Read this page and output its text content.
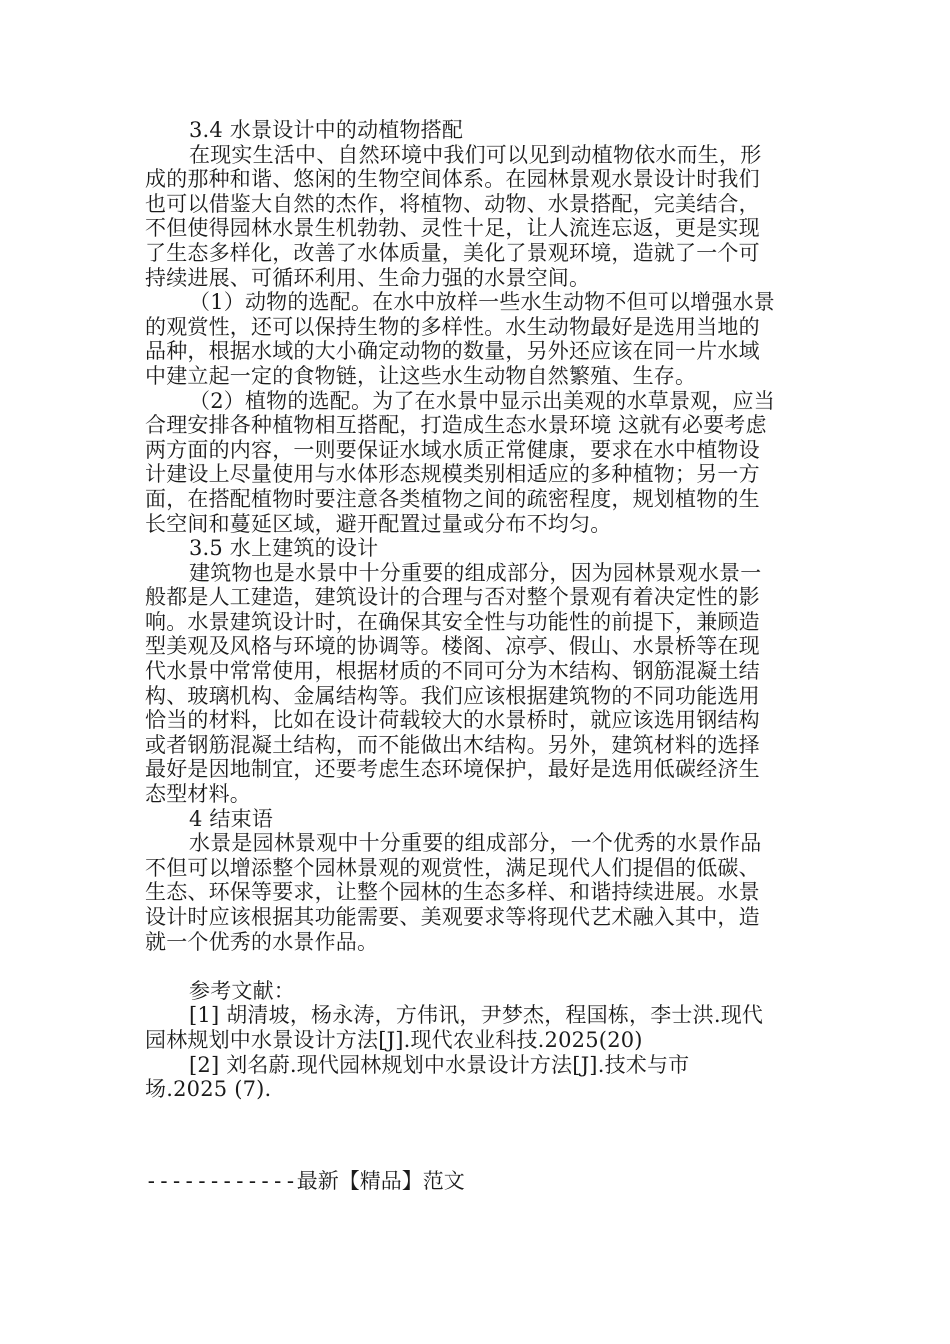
3.4 水景设计中的动植物搭配
在现实生活中、自然环境中我们可以见到动植物依水而生，形
成的那种和谐、悠闲的生物空间体系。在园林景观水景设计时我们
也可以借鉴大自然的杰作，将植物、动物、水景搭配，完美结合，
不但使得园林水景生机勃勃、灵性十足，让人流连忘返，更是实现
了生态多样化，改善了水体质量，美化了景观环境，造就了一个可
持续进展、可循环利用、生命力强的水景空间。
（1）动物的选配。在水中放样一些水生动物不但可以增强水景
的观赏性，还可以保持生物的多样性。水生动物最好是选用当地的
品种，根据水域的大小确定动物的数量，另外还应该在同一片水域
中建立起一定的食物链，让这些水生动物自然繁殖、生存。
（2）植物的选配。为了在水景中显示出美观的水草景观，应当
合理安排各种植物相互搭配，打造成生态水景环境 这就有必要考虑
两方面的内容，一则要保证水域水质正常健康，要求在水中植物设
计建设上尽量使用与水体形态规模类别相适应的多种植物；另一方
面，在搭配植物时要注意各类植物之间的疏密程度，规划植物的生
长空间和蔓延区域，避开配置过量或分布不均匀。
3.5 水上建筑的设计
建筑物也是水景中十分重要的组成部分，因为园林景观水景一
般都是人工建造，建筑设计的合理与否对整个景观有着决定性的影
响。水景建筑设计时，在确保其安全性与功能性的前提下，兼顾造
型美观及风格与环境的协调等。楼阁、凉亭、假山、水景桥等在现
代水景中常常使用，根据材质的不同可分为木结构、钢筋混凝土结
构、玻璃机构、金属结构等。我们应该根据建筑物的不同功能选用
恰当的材料，比如在设计荷载较大的水景桥时，就应该选用钢结构
或者钢筋混凝土结构，而不能做出木结构。另外，建筑材料的选择
最好是因地制宜，还要考虑生态环境保护，最好是选用低碳经济生
态型材料。
4 结束语
水景是园林景观中十分重要的组成部分，一个优秀的水景作品
不但可以增添整个园林景观的观赏性，满足现代人们提倡的低碳、
生态、环保等要求，让整个园林的生态多样、和谐持续进展。水景
设计时应该根据其功能需要、美观要求等将现代艺术融入其中，造
就一个优秀的水景作品。
参考文献：
[1] 胡清坡，杨永涛，方伟讯，尹梦杰，程国栋，李士洪.现代
园林规划中水景设计方法[J].现代农业科技.2025(20)
[2] 刘名蔚.现代园林规划中水景设计方法[J].技术与市
场.2025 (7).
------------最新【精品】范文
